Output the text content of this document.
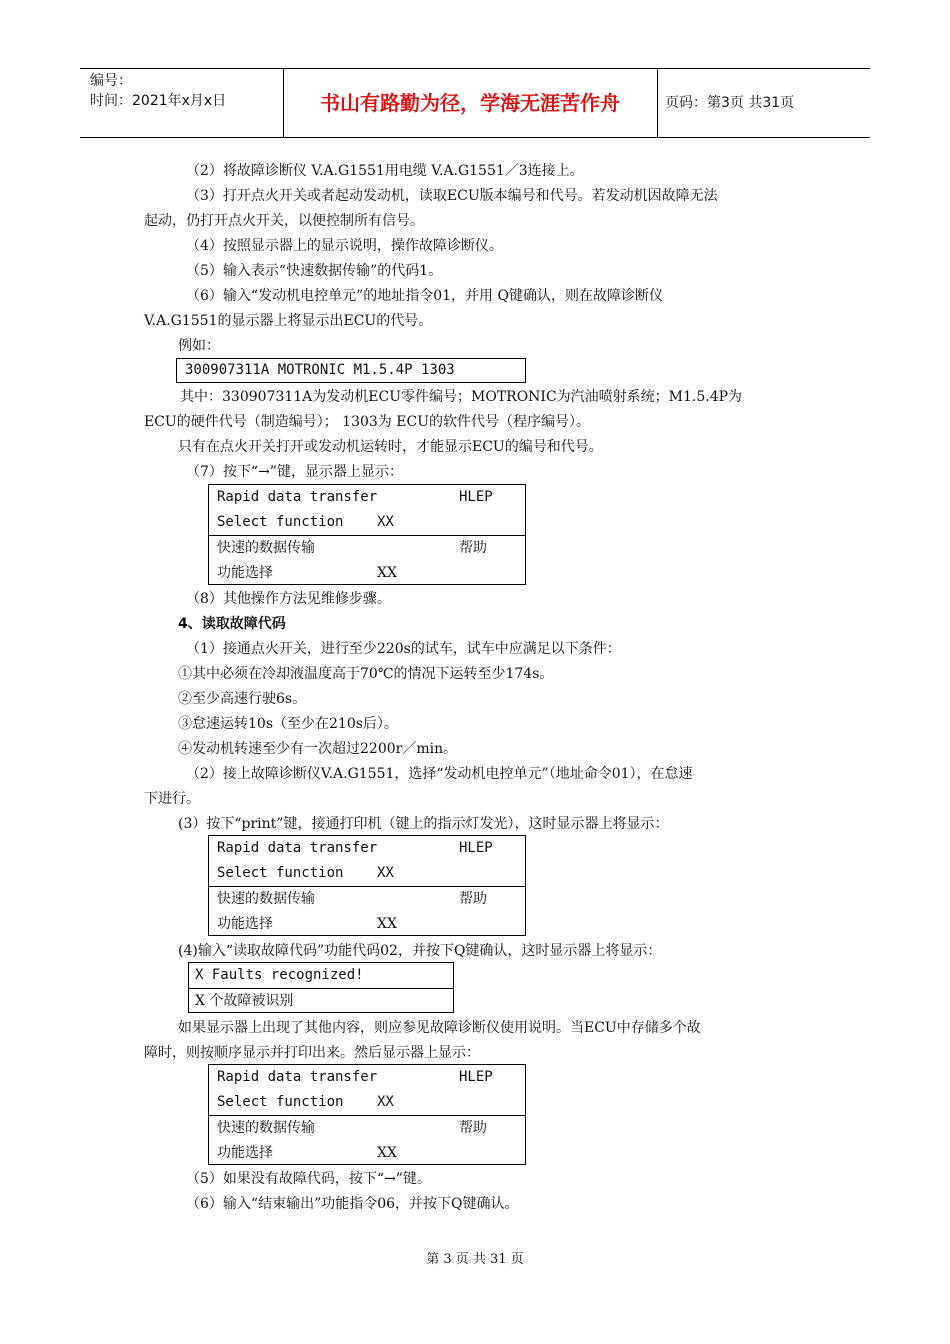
编号：
时间：2021年x月x日	书山有路勤为径，学海无涯苦作舟	页码：第3页 共31页
（2）将故障诊断仪 V.A.G1551用电缆 V.A.G1551／3连接上。
（3）打开点火开关或者起动发动机，读取ECU版本编号和代号。若发动机因故障无法
起动，仍打开点火开关，以便控制所有信号。
（4）按照显示器上的显示说明，操作故障诊断仪。
（5）输入表示“快速数据传输”的代码1。
（6）输入“发动机电控单元”的地址指令01，并用 Q键确认，则在故障诊断仪
V.A.G1551的显示器上将显示出ECU的代号。
例如：
300907311A MOTRONIC M1.5.4P 1303
其中：330907311A为发动机ECU零件编号；MOTRONIC为汽油喷射系统；M1.5.4P为
ECU的硬件代号（制造编号）； 1303为 ECU的软件代号（程序编号）。
只有在点火开关打开或发动机运转时，才能显示ECU的编号和代号。
（7）按下“→”键，显示器上显示：
Rapid data transfer	HLEP
Select function XX
快速的数据传输	帮助
功能选择	XX
（8）其他操作方法见维修步骤。
4、读取故障代码
（1）接通点火开关，进行至少220s的试车，试车中应满足以下条件：
①其中必须在冷却液温度高于70℃的情况下运转至少174s。
②至少高速行驶6s。
③怠速运转10s（至少在210s后）。
④发动机转速至少有一次超过2200r／min。
（2）接上故障诊断仪V.A.G1551，选择“发动机电控单元”（地址命令01），在怠速
下进行。
(3）按下“print”键，接通打印机（键上的指示灯发光），这时显示器上将显示：
Rapid data transfer	HLEP
Select function XX
快速的数据传输	帮助
功能选择	XX
(4)输入“读取故障代码”功能代码02，并按下Q键确认，这时显示器上将显示：
X Faults recognized!
X 个故障被识别
如果显示器上出现了其他内容，则应参见故障诊断仪使用说明。当ECU中存储多个故
障时，则按顺序显示并打印出来。然后显示器上显示：
Rapid data transfer	HLEP
Select function XX
快速的数据传输	帮助
功能选择	XX
（5）如果没有故障代码，按下“→”键。
（6）输入“结束输出”功能指令06，并按下Q键确认。
第 3 页 共 31 页
